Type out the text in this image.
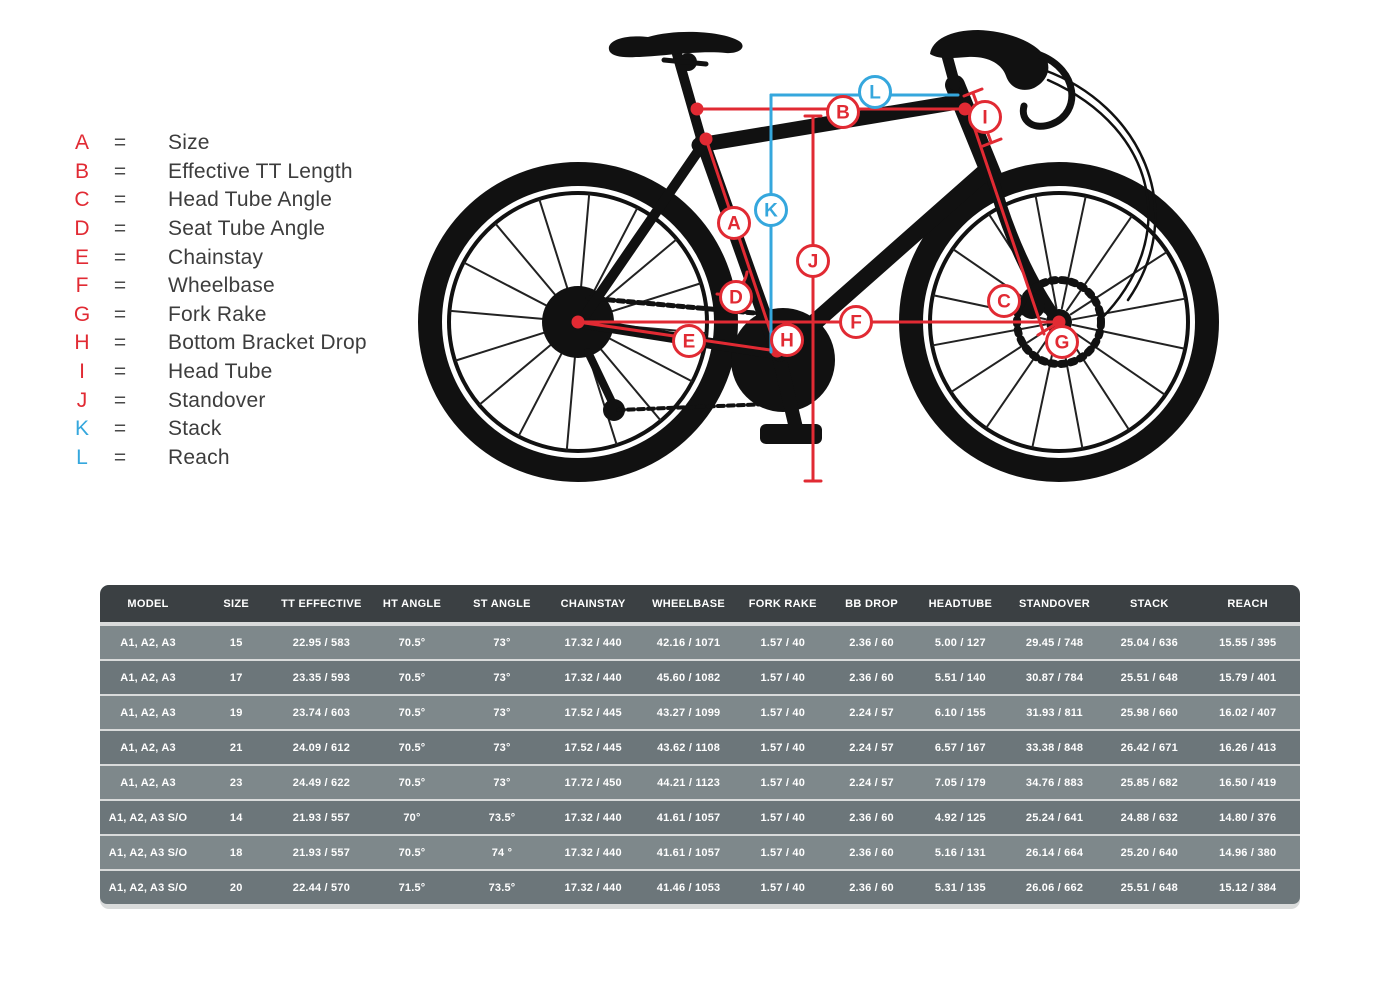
A	= Size
B	= Effective TT Length
C	= Head Tube Angle
D	= Seat Tube Angle
E	= Chainstay
F	= Wheelbase
G	= Fork Rake
H	= Bottom Bracket Drop
I	= Head Tube
J	= Standover
K	= Stack
L	= Reach
A
B
C
D
E
F
G
H
I
J
K
L
MODEL	SIZE	TT EFFECTIVE	HT ANGLE	ST ANGLE	CHAINSTAY	WHEELBASE	FORK RAKE	BB DROP	HEADTUBE	STANDOVER	STACK	REACH
A1, A2, A3	15	22.95 / 583	70.5°	73°	17.32 / 440	42.16 / 1071	1.57 / 40	2.36 / 60	5.00 / 127	29.45 / 748	25.04 / 636	15.55 / 395
A1, A2, A3	17	23.35 / 593	70.5°	73°	17.32 / 440	45.60 / 1082	1.57 / 40	2.36 / 60	5.51 / 140	30.87 / 784	25.51 / 648	15.79 / 401
A1, A2, A3	19	23.74 / 603	70.5°	73°	17.52 / 445	43.27 / 1099	1.57 / 40	2.24 / 57	6.10 / 155	31.93 / 811	25.98 / 660	16.02 / 407
A1, A2, A3	21	24.09 / 612	70.5°	73°	17.52 / 445	43.62 / 1108	1.57 / 40	2.24 / 57	6.57 / 167	33.38 / 848	26.42 / 671	16.26 / 413
A1, A2, A3	23	24.49 / 622	70.5°	73°	17.72 / 450	44.21 / 1123	1.57 / 40	2.24 / 57	7.05 / 179	34.76 / 883	25.85 / 682	16.50 / 419
A1, A2, A3 S/O	14	21.93 / 557	70°	73.5°	17.32 / 440	41.61 / 1057	1.57 / 40	2.36 / 60	4.92 / 125	25.24 / 641	24.88 / 632	14.80 / 376
A1, A2, A3 S/O	18	21.93 / 557	70.5°	74 °	17.32 / 440	41.61 / 1057	1.57 / 40	2.36 / 60	5.16 / 131	26.14 / 664	25.20 / 640	14.96 / 380
A1, A2, A3 S/O	20	22.44 / 570	71.5°	73.5°	17.32 / 440	41.46 / 1053	1.57 / 40	2.36 / 60	5.31 / 135	26.06 / 662	25.51 / 648	15.12 / 384
